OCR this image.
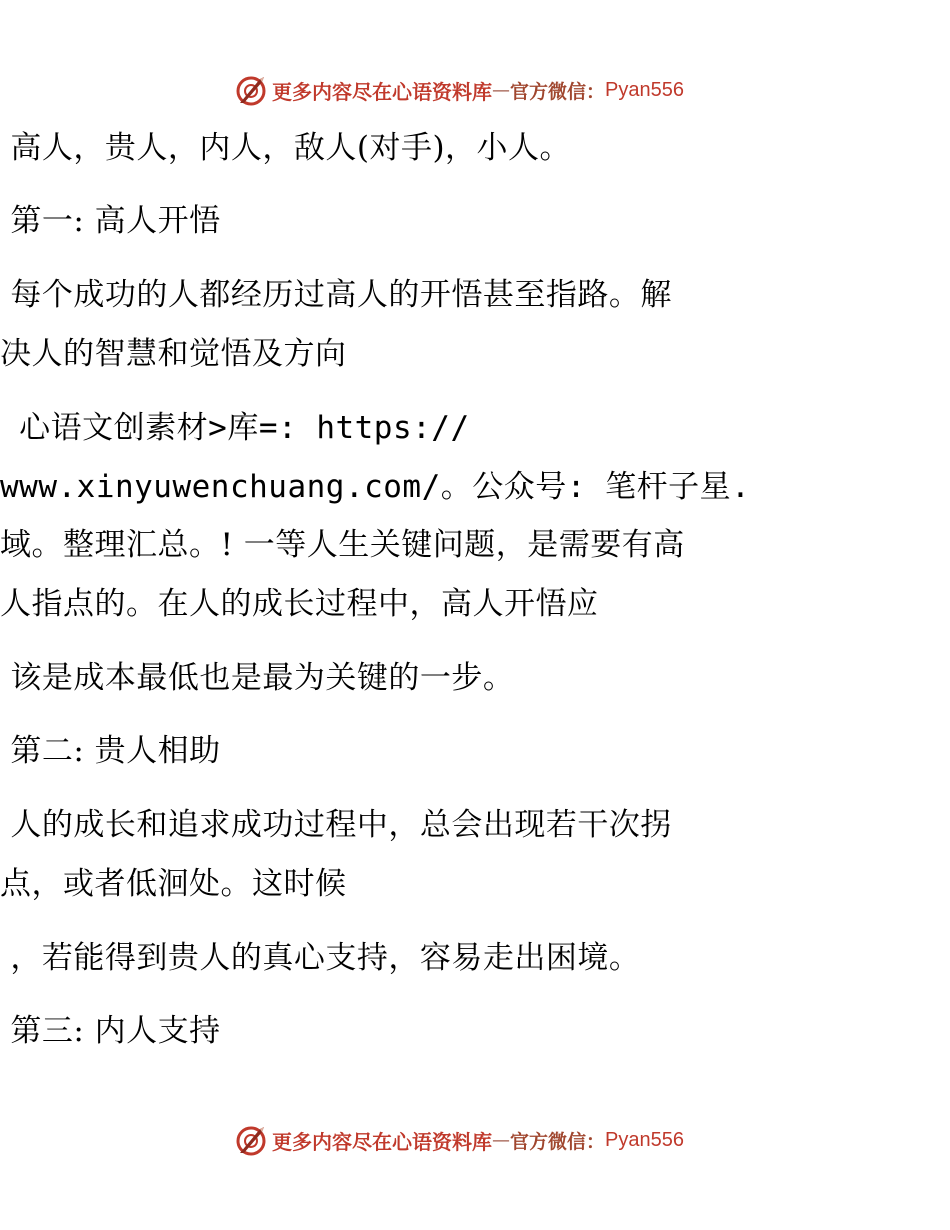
更多内容尽在心语资料库 — 官方微信： Pyan556
高人，贵人，内人，敌人(对手)，小人。
第一: 高人开悟
每个成功的人都经历过高人的开悟甚至指路。解
决人的智慧和觉悟及方向
心语文创素材>库=: https://
www.xinyuwenchuang.com/。公众号: 笔杆子星.
域。整理汇总。! 一等人生关键问题，是需要有高
人指点的。在人的成长过程中，高人开悟应
该是成本最低也是最为关键的一步。
第二: 贵人相助
人的成长和追求成功过程中，总会出现若干次拐
点，或者低洄处。这时候
，若能得到贵人的真心支持，容易走出困境。
第三: 内人支持
更多内容尽在心语资料库 — 官方微信： Pyan556
